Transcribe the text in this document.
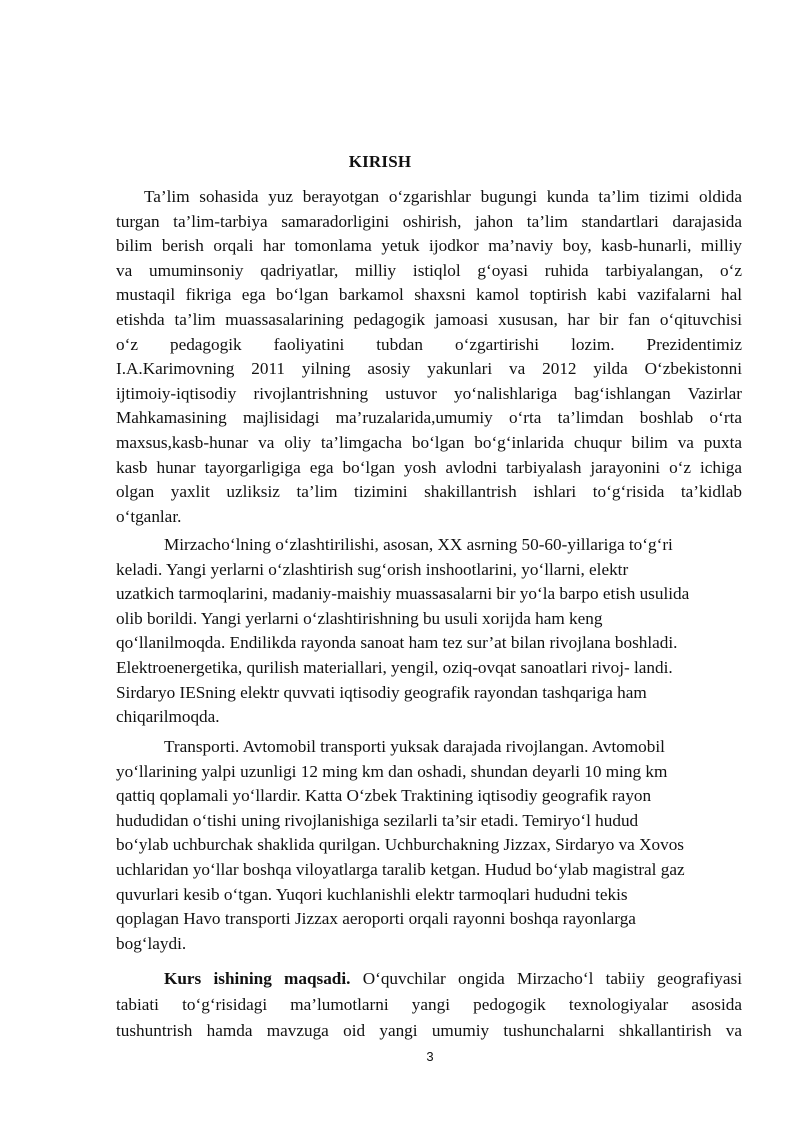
KIRISH
Ta’lim sohasida yuz berayotgan o‘zgarishlar bugungi kunda ta’lim tizimi oldida
turgan ta’lim-tarbiya samaradorligini oshirish, jahon ta’lim standartlari darajasida
bilim berish orqali har tomonlama yetuk ijodkor ma’naviy boy, kasb-hunarli, milliy
va umuminsoniy qadriyatlar, milliy istiqlol g‘oyasi ruhida tarbiyalangan, o‘z
mustaqil fikriga ega bo‘lgan barkamol shaxsni kamol toptirish kabi vazifalarni hal
etishda ta’lim muassasalarining pedagogik jamoasi xususan, har bir fan o‘qituvchisi
o‘z pedagogik faoliyatini tubdan o‘zgartirishi lozim. Prezidentimiz
I.A.Karimovning 2011 yilning asosiy yakunlari va 2012 yilda O‘zbekistonni
ijtimoiy-iqtisodiy rivojlantrishning ustuvor yo‘nalishlariga bag‘ishlangan Vazirlar
Mahkamasining majlisidagi ma’ruzalarida,umumiy o‘rta ta’limdan boshlab o‘rta
maxsus,kasb-hunar va oliy ta’limgacha bo‘lgan bo‘g‘inlarida chuqur bilim va puxta
kasb hunar tayorgarligiga ega bo‘lgan yosh avlodni tarbiyalash jarayonini o‘z ichiga
olgan yaxlit uzliksiz ta’lim tizimini shakillantrish ishlari to‘g‘risida ta’kidlab
o‘tganlar.
Mirzacho‘lning o‘zlashtirilishi, asosan, XX asrning 50-60-yillariga to‘g‘ri
keladi. Yangi yerlarni o‘zlashtirish sug‘orish inshootlarini, yo‘llarni, elektr
uzatkich tarmoqlarini, madaniy-maishiy muassasalarni bir yo‘la barpo etish usulida
olib borildi. Yangi yerlarni o‘zlashtirishning bu usuli xorijda ham keng
qo‘llanilmoqda. Endilikda rayonda sanoat ham tez sur’at bilan rivojlana boshladi.
Elektroenergetika, qurilish materiallari, yengil, oziq-ovqat sanoatlari rivoj- landi.
Sirdaryo IESning elektr quvvati iqtisodiy geografik rayondan tashqariga ham
chiqarilmoqda.
Transporti. Avtomobil transporti yuksak darajada rivojlangan. Avtomobil
yo‘llarining yalpi uzunligi 12 ming km dan oshadi, shundan deyarli 10 ming km
qattiq qoplamali yo‘llardir. Katta O‘zbek Traktining iqtisodiy geografik rayon
hududidan o‘tishi uning rivojlanishiga sezilarli ta’sir etadi. Temiryo‘l hudud
bo‘ylab uchburchak shaklida qurilgan. Uchburchakning Jizzax, Sirdaryo va Xovos
uchlaridan yo‘llar boshqa viloyatlarga taralib ketgan. Hudud bo‘ylab magistral gaz
quvurlari kesib o‘tgan. Yuqori kuchlanishli elektr tarmoqlari hududni tekis
qoplagan Havo transporti Jizzax aeroporti orqali rayonni boshqa rayonlarga
bog‘laydi.
Kurs ishining maqsadi. O‘quvchilar ongida Mirzacho‘l tabiiy geografiyasi
tabiati to‘g‘risidagi ma’lumotlarni yangi pedogogik texnologiyalar asosida
tushuntrish hamda mavzuga oid yangi umumiy tushunchalarni shkallantirish va
3
